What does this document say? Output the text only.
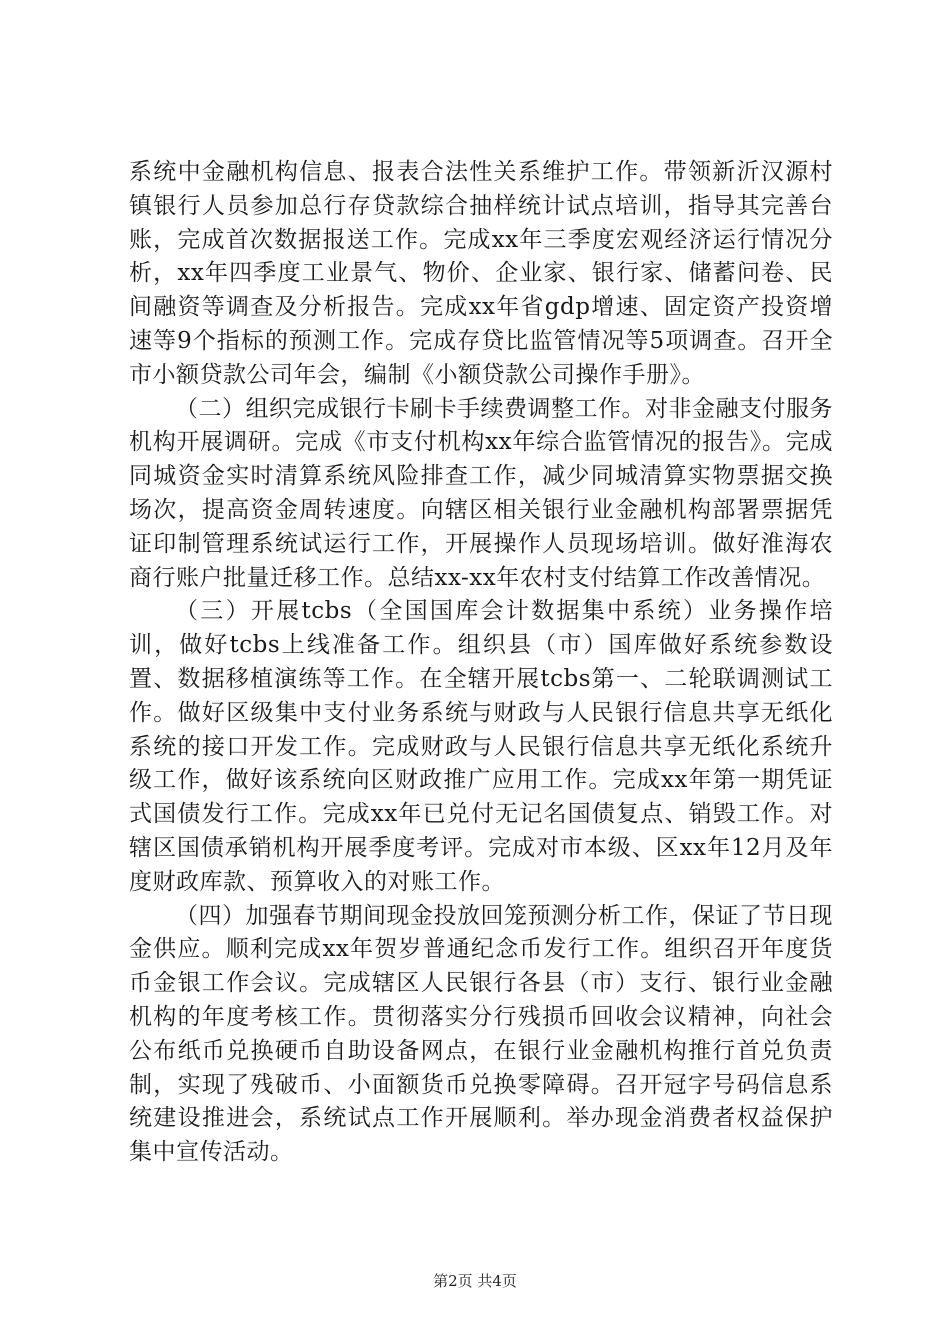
系统中金融机构信息、报表合法性关系维护工作。带领新沂汉源村镇银行人员参加总行存贷款综合抽样统计试点培训，指导其完善台账，完成首次数据报送工作。完成xx年三季度宏观经济运行情况分析，xx年四季度工业景气、物价、企业家、银行家、储蓄问卷、民间融资等调查及分析报告。完成xx年省gdp增速、固定资产投资增速等9个指标的预测工作。完成存贷比监管情况等5项调查。召开全市小额贷款公司年会，编制《小额贷款公司操作手册》。

（二）组织完成银行卡刷卡手续费调整工作。对非金融支付服务机构开展调研。完成《市支付机构xx年综合监管情况的报告》。完成同城资金实时清算系统风险排查工作，减少同城清算实物票据交换场次，提高资金周转速度。向辖区相关银行业金融机构部署票据凭证印制管理系统试运行工作，开展操作人员现场培训。做好淮海农商行账户批量迁移工作。总结xx-xx年农村支付结算工作改善情况。

（三）开展tcbs（全国国库会计数据集中系统）业务操作培训，做好tcbs上线准备工作。组织县（市）国库做好系统参数设置、数据移植演练等工作。在全辖开展tcbs第一、二轮联调测试工作。做好区级集中支付业务系统与财政与人民银行信息共享无纸化系统的接口开发工作。完成财政与人民银行信息共享无纸化系统升级工作，做好该系统向区财政推广应用工作。完成xx年第一期凭证式国债发行工作。完成xx年已兑付无记名国债复点、销毁工作。对辖区国债承销机构开展季度考评。完成对市本级、区xx年12月及年度财政库款、预算收入的对账工作。

（四）加强春节期间现金投放回笼预测分析工作，保证了节日现金供应。顺利完成xx年贺岁普通纪念币发行工作。组织召开年度货币金银工作会议。完成辖区人民银行各县（市）支行、银行业金融机构的年度考核工作。贯彻落实分行残损币回收会议精神，向社会公布纸币兑换硬币自助设备网点，在银行业金融机构推行首兑负责制，实现了残破币、小面额货币兑换零障碍。召开冠字号码信息系统建设推进会，系统试点工作开展顺利。举办现金消费者权益保护集中宣传活动。

第2页 共4页
